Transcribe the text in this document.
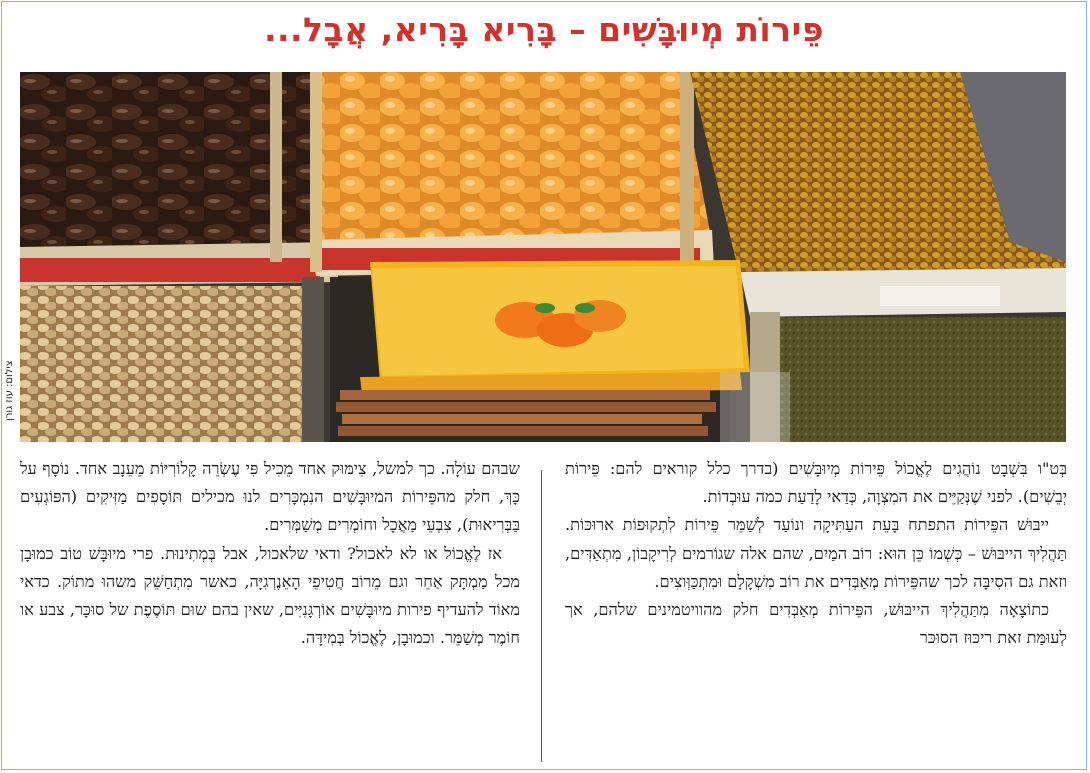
פֵּירוֹת מְיוּבָּשִׁים – בָּרִיא בָּרִיא, אֲבָל...
צילום: עוז גורן

בְּט"ו בִּשְׁבָט נוֹהֲגִים לֶאֱכוֹל פֵּירוֹת מְיוּבָּשִׁים (בדרך כלל קוראים להם: פֵּירוֹת יְבֵשִׁים). לפני שֶׁנְּקַיֵּים את המִצְוָה, כְּדַאי לָדַעַת כמה עוּבְדוֹת.

ייבּוּשׁ הפֵּירוֹת התפתח בָּעֵת העַתִּיקָה ונוֹעַד לְשַׁמֵּר פֵּירוֹת לִתְקוּפוֹת ארוּכּוֹת. תַּהֲלִיךְ הייבּוּשׁ – כְּשְׁמוֹ כֵּן הוּא: רוֹב המַיִם, שהם אלה שגוֹרמים לְרִיקָבוֹן, מִתְאַדִּים, וזאת גם הסִיבָּה לכך שהפֵּירוֹת מְאַבְּדִים את רוֹב מִשְׁקָלָם וּמִתְכַּוְּוצִים.

כתוֹצָאָה מִתַּהֲלִיךְ הייבּוּשׁ, הפֵּירוֹת מְאַבְּדִים חלק מהוויטמינים שלהם, אך לְעוּמַּת זאת ריכּוּז הסוּכּר

שבהם עוֹלָה. כך למשל, צִימּוּק אחד מֵכִיל פִּי עֶשְׂרֵה קָלוֹרִיּוֹת מֵעֵנָב אחד. נוֹסָף על כָּךְ, חלק מהפֵּירוֹת המיוּבָּשִׁים הנִמְכָּרִים לנוּ מכילים תּוֹסָפִים מַזִּיקִים (הפּוֹגְעִים בַּבְּרִיאוּת), צִבְעֵי מַאֲכָל וחוֹמְרִים מְשַׁמְּרִים.

אז לֶאֱכוֹל או לא לאכול? ודאי שלאכול, אבל בְּמְתִינוּת. פרי מיוּבָּשׁ טוֹב כמוּבָן מכל מַמְתָּק אַחֵר וגם מֵרוֹב חֲטִיפֵי הָאֵנֶרְגִיָּה, כאשר מִתְחַשֵּׁק משהוּ מתוֹק. כדאי מאוֹד להעדיף פירות מיוּבָּשִׁים אוֹרְגָּנִיִּים, שאין בהם שוּם תּוֹסֶפֶת של סוּכָּר, צבע או חוֹמֶר מְשַׁמֵּר. וכמוּבָן, לֶאֱכוֹל בְּמִידָּה.
